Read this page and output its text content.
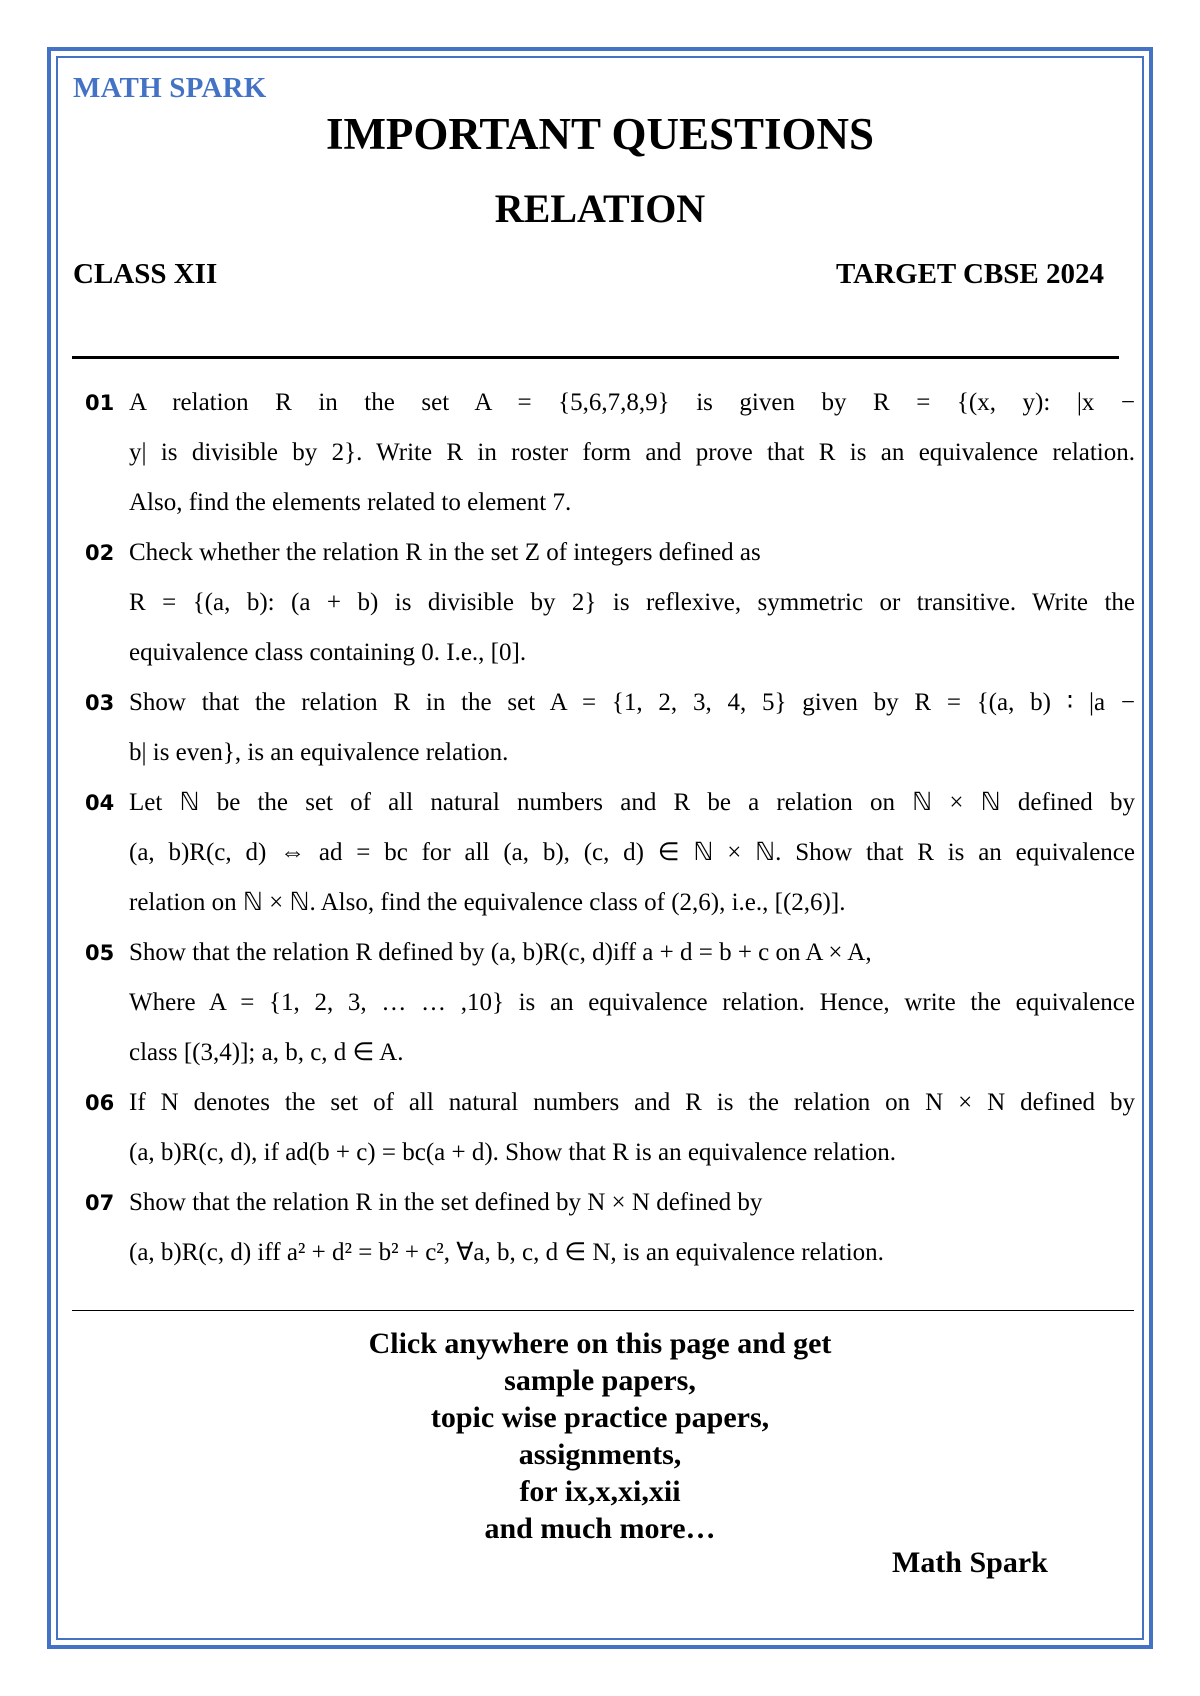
MATH SPARK
IMPORTANT QUESTIONS
RELATION
CLASS XII	TARGET CBSE 2024
01 A relation R in the set A = {5,6,7,8,9} is given by R = {(x, y): |x −
y| is divisible by 2}. Write R in roster form and prove that R is an equivalence relation.
Also, find the elements related to element 7.
02 Check whether the relation R in the set Z of integers defined as
R = {(a, b): (a + b) is divisible by 2} is reflexive, symmetric or transitive. Write the
equivalence class containing 0. I.e., [0].
03 Show that the relation R in the set A = {1, 2, 3, 4, 5} given by R = {(a, b) ∶ |a −
b| is even}, is an equivalence relation.
04 Let ℕ be the set of all natural numbers and R be a relation on ℕ × ℕ defined by
(a, b)R(c, d) ⇔ ad = bc for all (a, b), (c, d) ∈ ℕ × ℕ. Show that R is an equivalence
relation on ℕ × ℕ. Also, find the equivalence class of (2,6), i.e., [(2,6)].
05 Show that the relation R defined by (a, b)R(c, d)iff a + d = b + c on A × A,
Where A = {1, 2, 3, … … ,10} is an equivalence relation. Hence, write the equivalence
class [(3,4)]; a, b, c, d ∈ A.
06 If N denotes the set of all natural numbers and R is the relation on N × N defined by
(a, b)R(c, d), if ad(b + c) = bc(a + d). Show that R is an equivalence relation.
07 Show that the relation R in the set defined by N × N defined by
(a, b)R(c, d) iff a² + d² = b² + c², ∀a, b, c, d ∈ N, is an equivalence relation.
Click anywhere on this page and get
sample papers,
topic wise practice papers,
assignments,
for ix,x,xi,xii
and much more…
Math Spark
